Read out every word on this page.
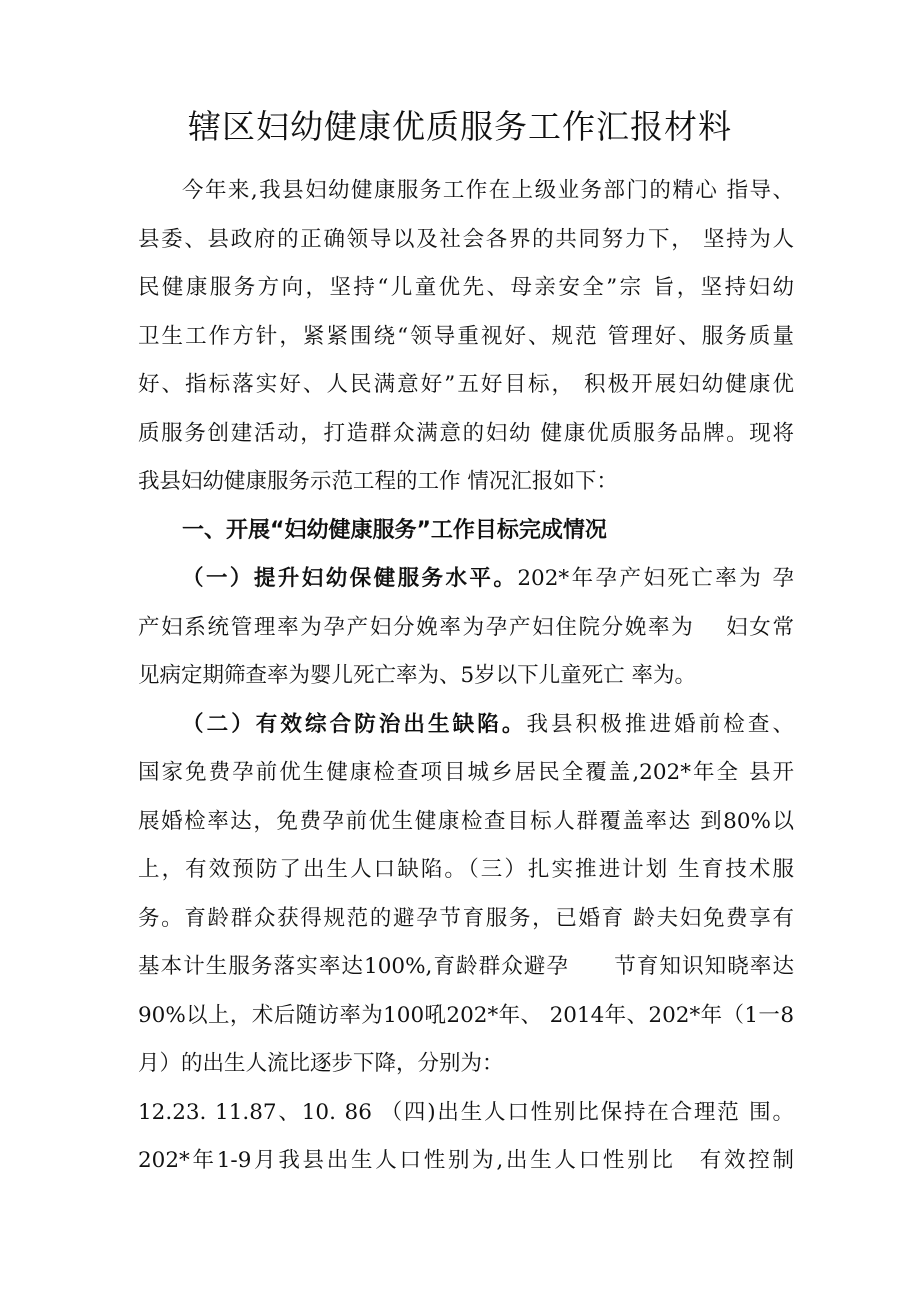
辖区妇幼健康优质服务工作汇报材料
今年来,我县妇幼健康服务工作在上级业务部门的精心 指导、
县委、县政府的正确领导以及社会各界的共同努力下， 坚持为人
民健康服务方向，坚持“儿童优先、母亲安全”宗 旨，坚持妇幼
卫生工作方针，紧紧围绕“领导重视好、规范 管理好、服务质量
好、指标落实好、人民满意好”五好目标， 积极开展妇幼健康优
质服务创建活动，打造群众满意的妇幼 健康优质服务品牌。现将
我县妇幼健康服务示范工程的工作 情况汇报如下：
一、开展“妇幼健康服务”工作目标完成情况
（一）提升妇幼保健服务水平。202*年孕产妇死亡率为 孕
产妇系统管理率为孕产妇分娩率为孕产妇住院分娩率为　 妇女常
见病定期筛查率为婴儿死亡率为、5岁以下儿童死亡 率为。
（二）有效综合防治出生缺陷。我县积极推进婚前检查、
国家免费孕前优生健康检查项目城乡居民全覆盖,202*年全 县开
展婚检率达，免费孕前优生健康检查目标人群覆盖率达 到80%以
上，有效预防了出生人口缺陷。（三）扎实推进计划 生育技术服
务。育龄群众获得规范的避孕节育服务，已婚育 龄夫妇免费享有
基本计生服务落实率达100%,育龄群众避孕　　节育知识知晓率达
90%以上，术后随访率为100吼202*年、 2014年、202*年（1一8
月）的出生人流比逐步下降，分别为：
12.23. 11.87、10. 86 （四)出生人口性别比保持在合理范 围。
202*年1-9月我县出生人口性别为,出生人口性别比　有效控制
